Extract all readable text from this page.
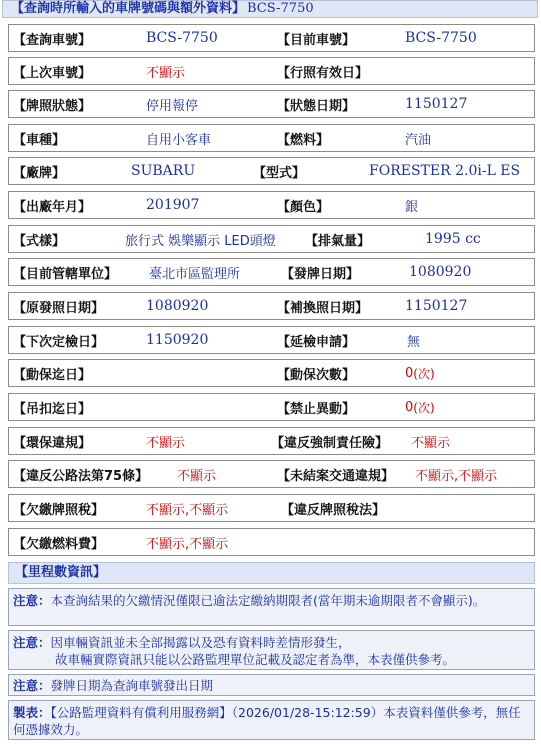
【查詢時所輸入的車牌號碼與額外資料】 BCS-7750
【查詢車號】	BCS-7750	【目前車號】	BCS-7750
【上次車號】	不顯示	【行照有效日】
【牌照狀態】	停用報停	【狀態日期】	1150127
【車種】	自用小客車	【燃料】	汽油
【廠牌】	SUBARU	【型式】	FORESTER 2.0i-L ES
【出廠年月】	201907	【顏色】	銀
【式樣】	旅行式 娛樂顯示 LED頭燈 【排氣量】	1995 cc
【目前管轄單位】 臺北市區監理所	【發牌日期】	1080920
【原發照日期】	1080920	【補換照日期】	1150127
【下次定檢日】	1150920	【延檢申請】	無
【動保迄日】	【動保次數】	0 (次)
【吊扣迄日】	【禁止異動】	0 (次)
【環保違規】	不顯示	【違反強制責任險】 不顯示
【違反公路法第75條】 不顯示	【未結案交通違規】 不顯示,不顯示
【欠繳牌照稅】	不顯示,不顯示	【違反牌照稅法】
【欠繳燃料費】	不顯示,不顯示
【里程數資訊】
注意：本查詢結果的欠繳情況僅限已逾法定繳納期限者(當年期未逾期限者不會顯示)。
注意：因車輛資訊並未全部揭露以及恐有資料時差情形發生，
故車輛實際資訊只能以公路監理單位記載及認定者為準，本表僅供參考。
注意：發牌日期為查詢車號發出日期
製表：【公路監理資料有償利用服務網】（2026/01/28-15:12:59）本表資料僅供參考，無任何憑據效力。
